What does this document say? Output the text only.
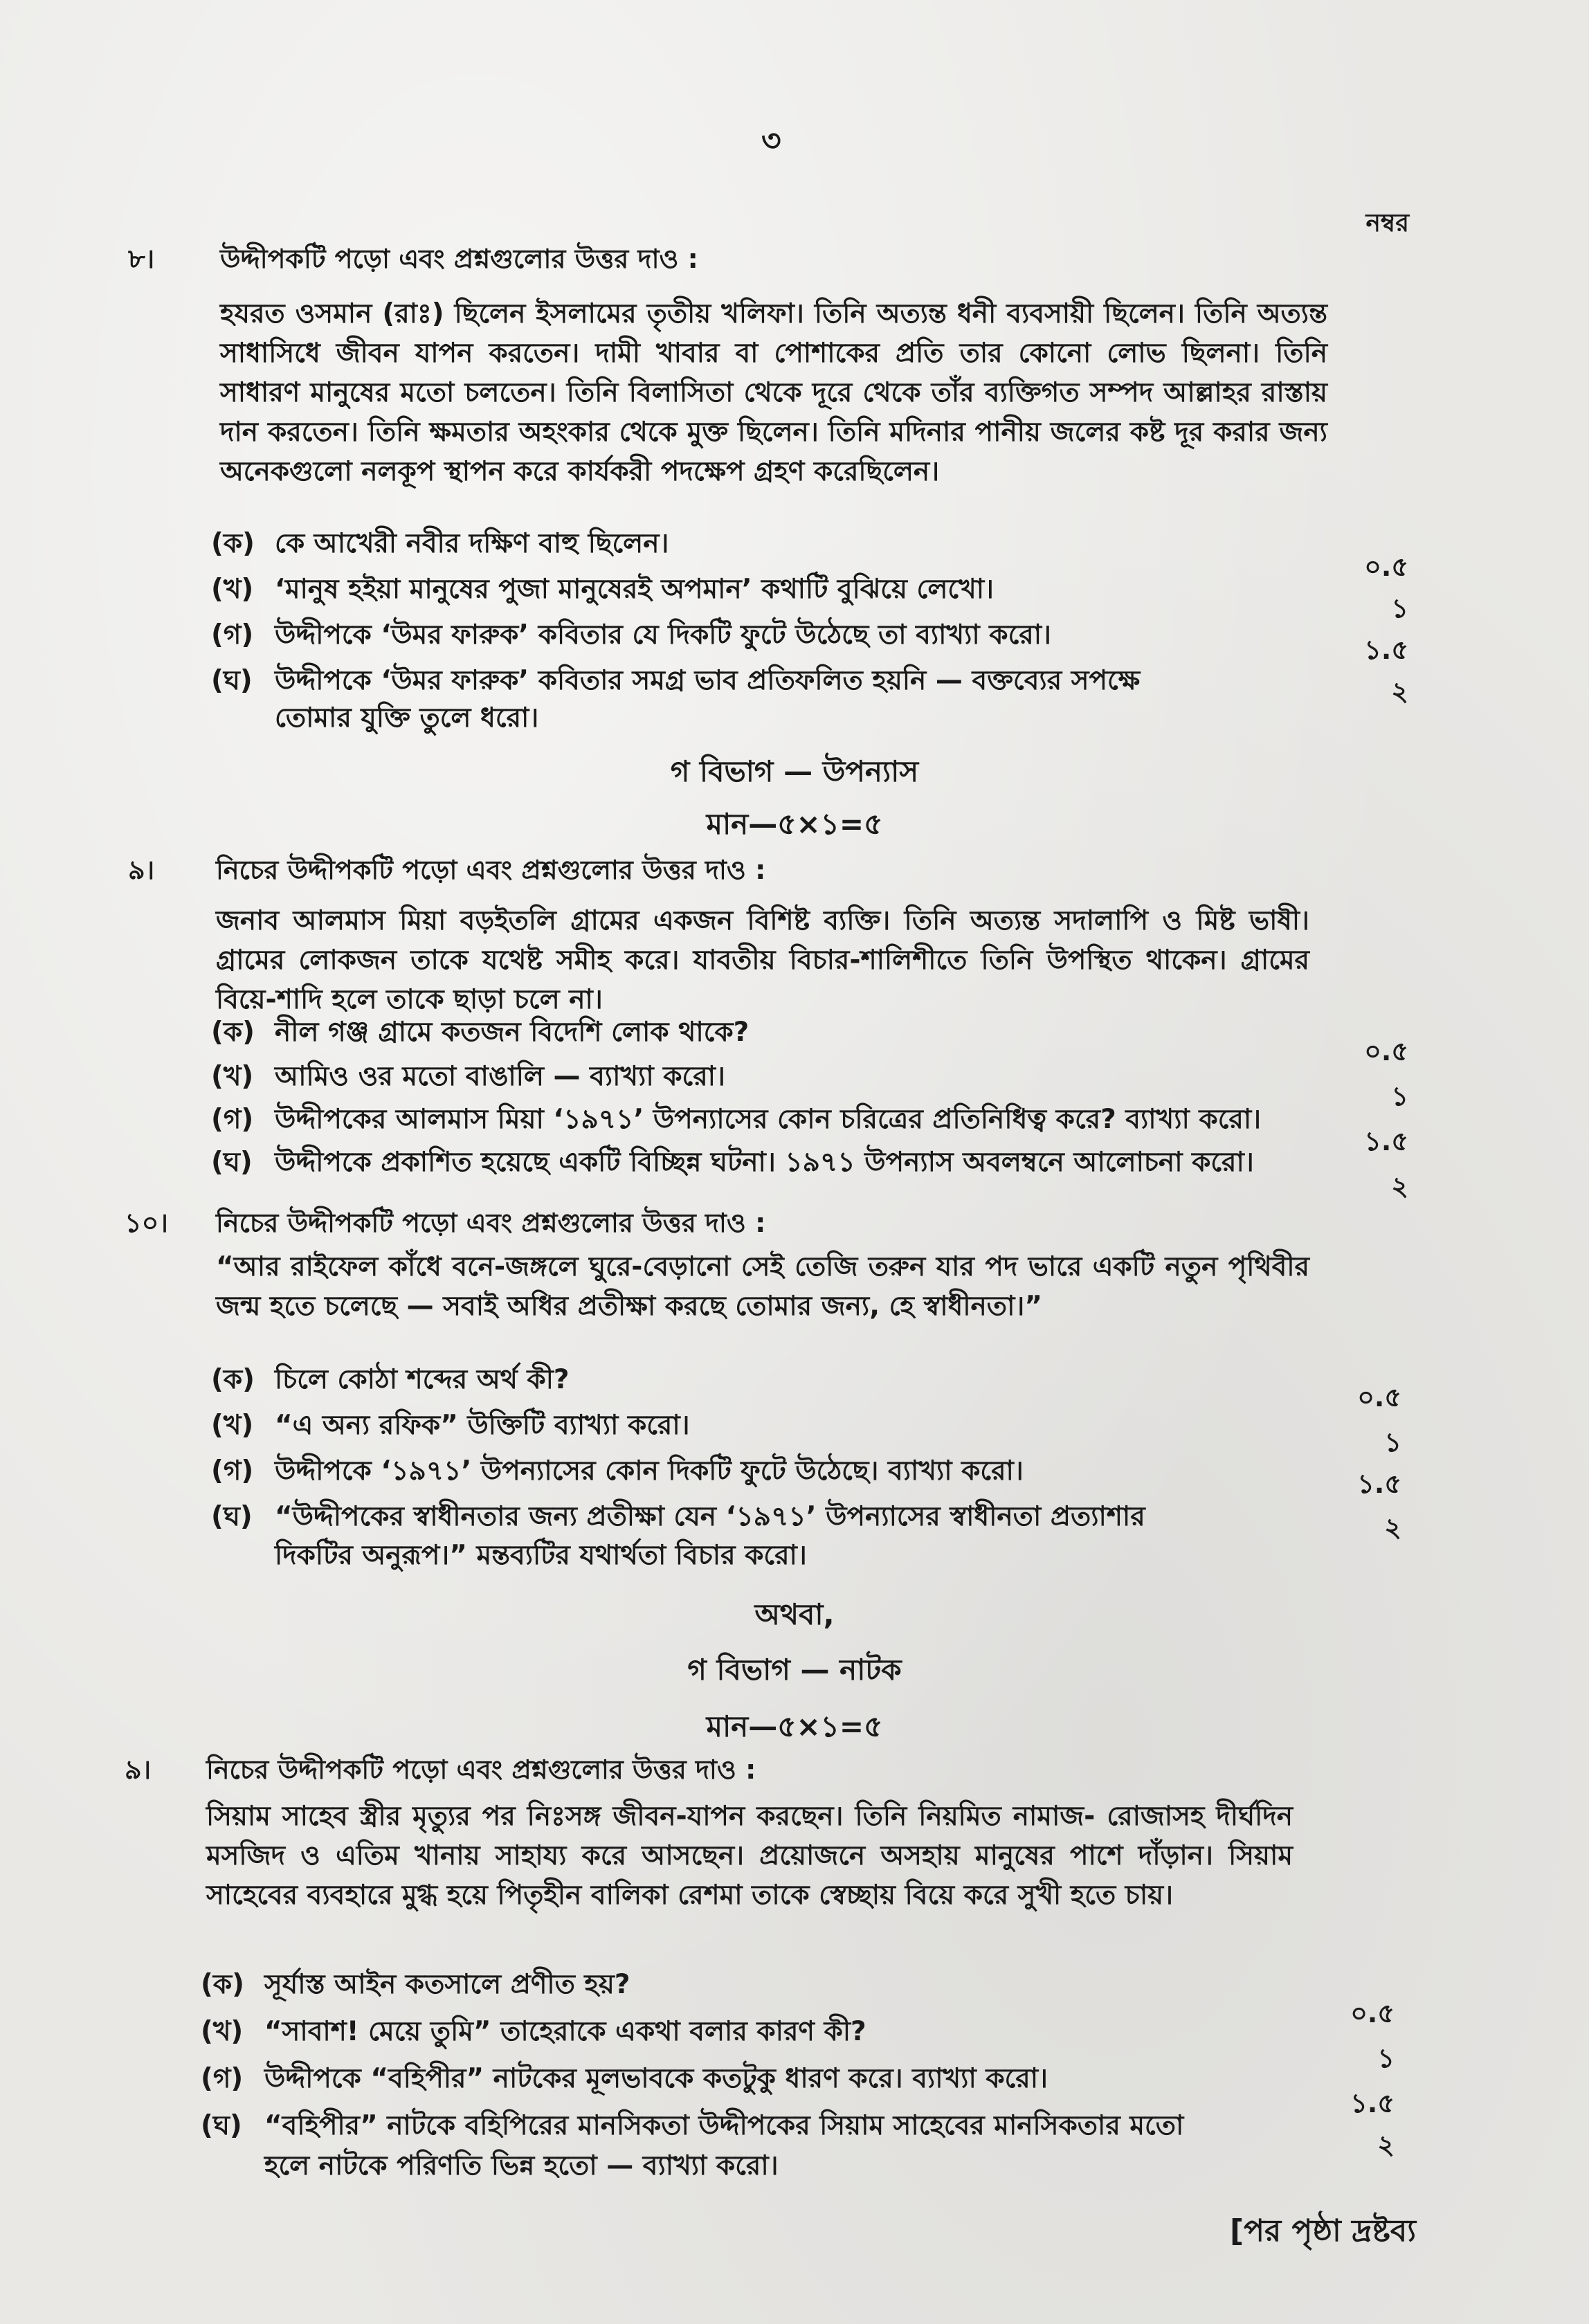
৩
নম্বর
৮। উদ্দীপকটি পড়ো এবং প্রশ্নগুলোর উত্তর দাও :
হযরত ওসমান (রাঃ) ছিলেন ইসলামের তৃতীয় খলিফা। তিনি অত্যন্ত ধনী ব্যবসায়ী ছিলেন। তিনি অত্যন্ত সাধাসিধে জীবন যাপন করতেন। দামী খাবার বা পোশাকের প্রতি তার কোনো লোভ ছিলনা। তিনি সাধারণ মানুষের মতো চলতেন। তিনি বিলাসিতা থেকে দূরে থেকে তাঁর ব্যক্তিগত সম্পদ আল্লাহর রাস্তায় দান করতেন। তিনি ক্ষমতার অহংকার থেকে মুক্ত ছিলেন। তিনি মদিনার পানীয় জলের কষ্ট দূর করার জন্য অনেকগুলো নলকূপ স্থাপন করে কার্যকরী পদক্ষেপ গ্রহণ করেছিলেন।
(ক) কে আখেরী নবীর দক্ষিণ বাহু ছিলেন।
(খ) ‘মানুষ হইয়া মানুষের পুজা মানুষেরই অপমান’ কথাটি বুঝিয়ে লেখো।
(গ) উদ্দীপকে ‘উমর ফারুক’ কবিতার যে দিকটি ফুটে উঠেছে তা ব্যাখ্যা করো।
(ঘ) উদ্দীপকে ‘উমর ফারুক’ কবিতার সমগ্র ভাব প্রতিফলিত হয়নি — বক্তব্যের সপক্ষে
তোমার যুক্তি তুলে ধরো।
০.৫
১
১.৫
২
গ বিভাগ — উপন্যাস
মান—৫×১=৫
৯। নিচের উদ্দীপকটি পড়ো এবং প্রশ্নগুলোর উত্তর দাও :
জনাব আলমাস মিয়া বড়ইতলি গ্রামের একজন বিশিষ্ট ব্যক্তি। তিনি অত্যন্ত সদালাপি ও মিষ্ট ভাষী। গ্রামের লোকজন তাকে যথেষ্ট সমীহ করে। যাবতীয় বিচার-শালিশীতে তিনি উপস্থিত থাকেন। গ্রামের বিয়ে-শাদি হলে তাকে ছাড়া চলে না।
(ক) নীল গঞ্জ গ্রামে কতজন বিদেশি লোক থাকে?
(খ) আমিও ওর মতো বাঙালি — ব্যাখ্যা করো।
(গ) উদ্দীপকের আলমাস মিয়া ‘১৯৭১’ উপন্যাসের কোন চরিত্রের প্রতিনিধিত্ব করে? ব্যাখ্যা করো।
(ঘ) উদ্দীপকে প্রকাশিত হয়েছে একটি বিচ্ছিন্ন ঘটনা। ১৯৭১ উপন্যাস অবলম্বনে আলোচনা করো।
০.৫
১
১.৫
২
১০। নিচের উদ্দীপকটি পড়ো এবং প্রশ্নগুলোর উত্তর দাও :
“আর রাইফেল কাঁধে বনে-জঙ্গলে ঘুরে-বেড়ানো সেই তেজি তরুন যার পদ ভারে একটি নতুন পৃথিবীর জন্ম হতে চলেছে — সবাই অধির প্রতীক্ষা করছে তোমার জন্য, হে স্বাধীনতা।”
(ক) চিলে কোঠা শব্দের অর্থ কী?
(খ) “এ অন্য রফিক” উক্তিটি ব্যাখ্যা করো।
(গ) উদ্দীপকে ‘১৯৭১’ উপন্যাসের কোন দিকটি ফুটে উঠেছে। ব্যাখ্যা করো।
(ঘ) “উদ্দীপকের স্বাধীনতার জন্য প্রতীক্ষা যেন ‘১৯৭১’ উপন্যাসের স্বাধীনতা প্রত্যাশার
দিকটির অনুরূপ।” মন্তব্যটির যথার্থতা বিচার করো।
০.৫
১
১.৫
২
অথবা,
গ বিভাগ — নাটক
মান—৫×১=৫
৯। নিচের উদ্দীপকটি পড়ো এবং প্রশ্নগুলোর উত্তর দাও :
সিয়াম সাহেব স্ত্রীর মৃত্যুর পর নিঃসঙ্গ জীবন-যাপন করছেন। তিনি নিয়মিত নামাজ- রোজাসহ দীর্ঘদিন মসজিদ ও এতিম খানায় সাহায্য করে আসছেন। প্রয়োজনে অসহায় মানুষের পাশে দাঁড়ান। সিয়াম সাহেবের ব্যবহারে মুগ্ধ হয়ে পিতৃহীন বালিকা রেশমা তাকে স্বেচ্ছায় বিয়ে করে সুখী হতে চায়।
(ক) সূর্যাস্ত আইন কতসালে প্রণীত হয়?
(খ) “সাবাশ! মেয়ে তুমি” তাহেরাকে একথা বলার কারণ কী?
(গ) উদ্দীপকে “বহিপীর” নাটকের মূলভাবকে কতটুকু ধারণ করে। ব্যাখ্যা করো।
(ঘ) “বহিপীর” নাটকে বহিপিরের মানসিকতা উদ্দীপকের সিয়াম সাহেবের মানসিকতার মতো
হলে নাটকে পরিণতি ভিন্ন হতো — ব্যাখ্যা করো।
০.৫
১
১.৫
২
[পর পৃষ্ঠা দ্রষ্টব্য
